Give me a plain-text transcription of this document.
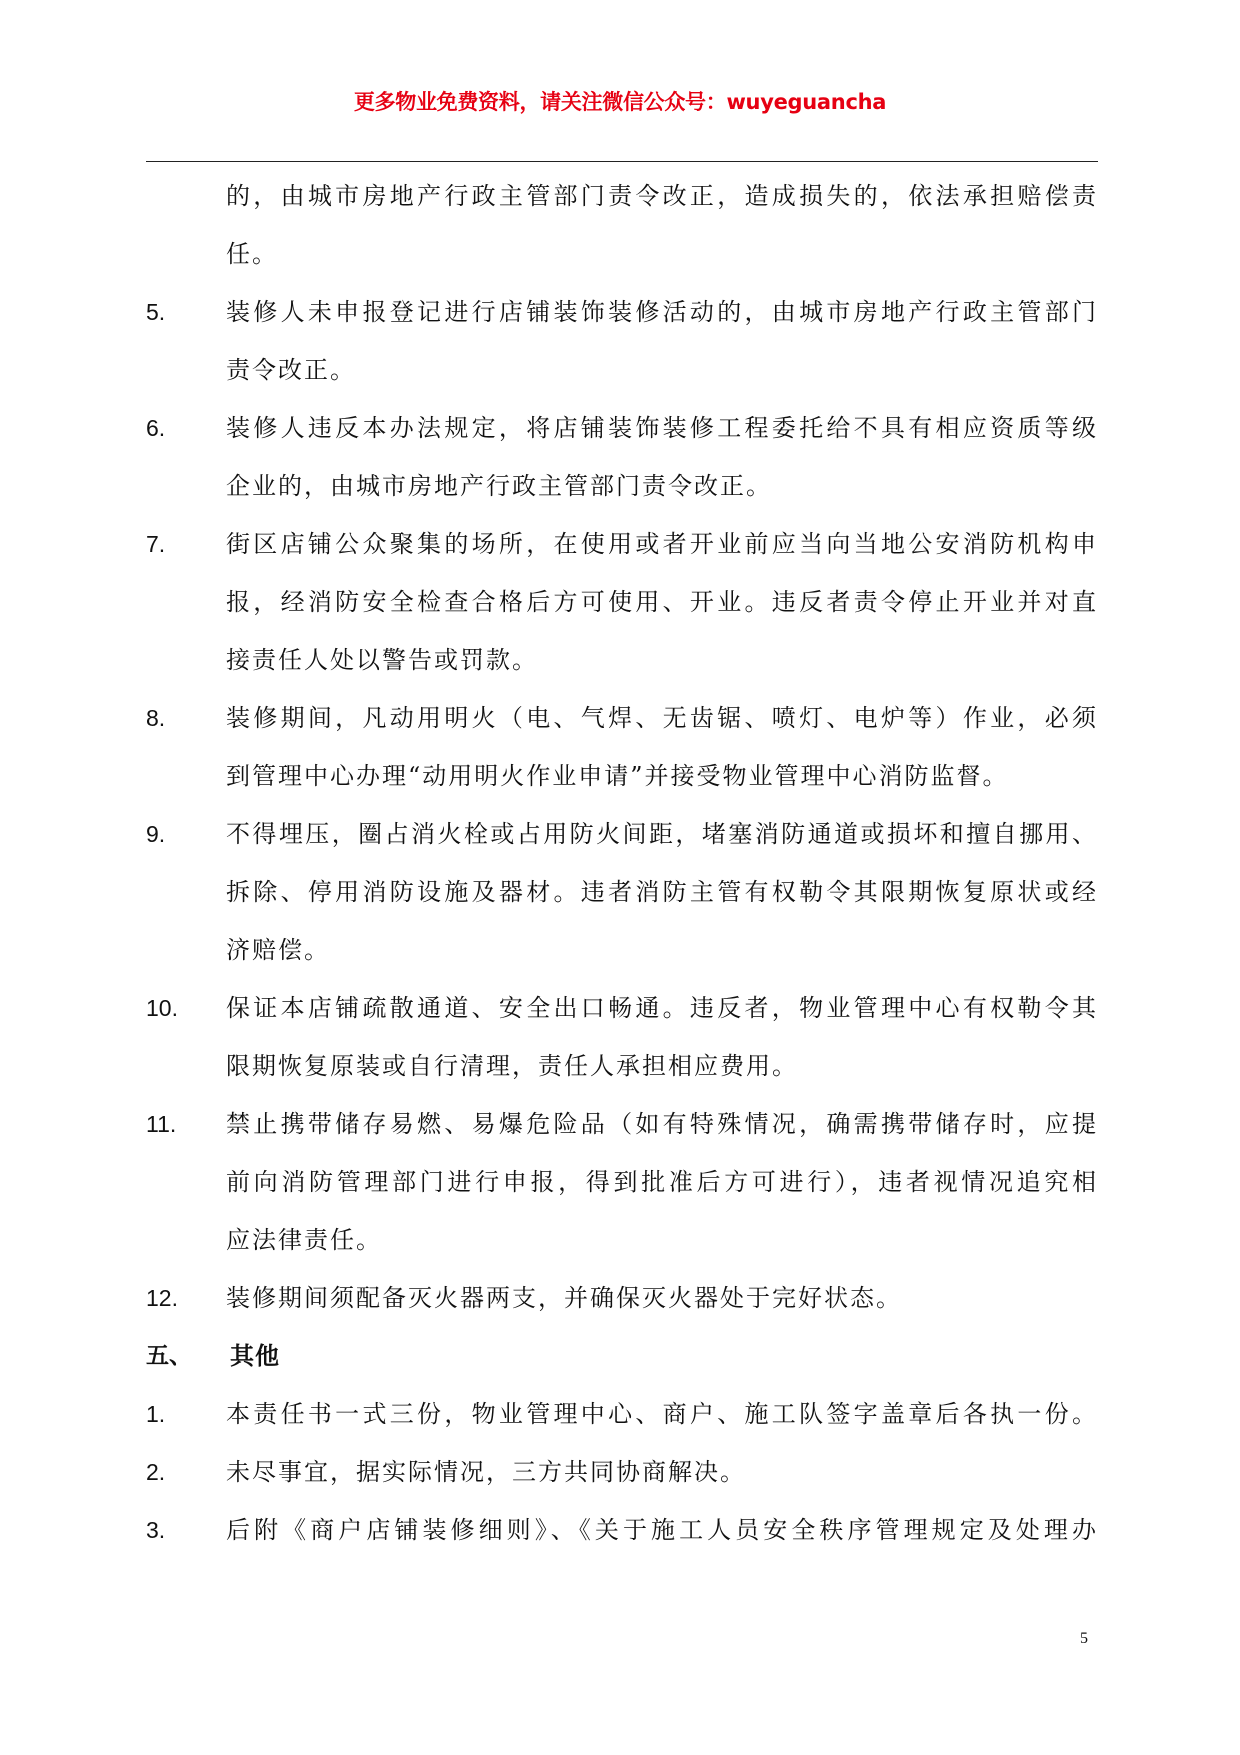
更多物业免费资料，请关注微信公众号：wuyeguancha
的，由城市房地产行政主管部门责令改正，造成损失的，依法承担赔偿责
任。
5.	装修人未申报登记进行店铺装饰装修活动的，由城市房地产行政主管部门
责令改正。
6.	装修人违反本办法规定，将店铺装饰装修工程委托给不具有相应资质等级
企业的，由城市房地产行政主管部门责令改正。
7.	街区店铺公众聚集的场所，在使用或者开业前应当向当地公安消防机构申
报，经消防安全检查合格后方可使用、开业。违反者责令停止开业并对直
接责任人处以警告或罚款。
8.	装修期间，凡动用明火（电、气焊、无齿锯、喷灯、电炉等）作业，必须
到管理中心办理“动用明火作业申请”并接受物业管理中心消防监督。
9.	不得埋压，圈占消火栓或占用防火间距，堵塞消防通道或损坏和擅自挪用、
拆除、停用消防设施及器材。违者消防主管有权勒令其限期恢复原状或经
济赔偿。
10.	保证本店铺疏散通道、安全出口畅通。违反者，物业管理中心有权勒令其
限期恢复原装或自行清理，责任人承担相应费用。
11.	禁止携带储存易燃、易爆危险品（如有特殊情况，确需携带储存时，应提
前向消防管理部门进行申报，得到批准后方可进行），违者视情况追究相
应法律责任。
12.	装修期间须配备灭火器两支，并确保灭火器处于完好状态。
五、	其他
1.	本责任书一式三份，物业管理中心、商户、施工队签字盖章后各执一份。
2.	未尽事宜，据实际情况，三方共同协商解决。
3.	后附《商户店铺装修细则》、《关于施工人员安全秩序管理规定及处理办
5
